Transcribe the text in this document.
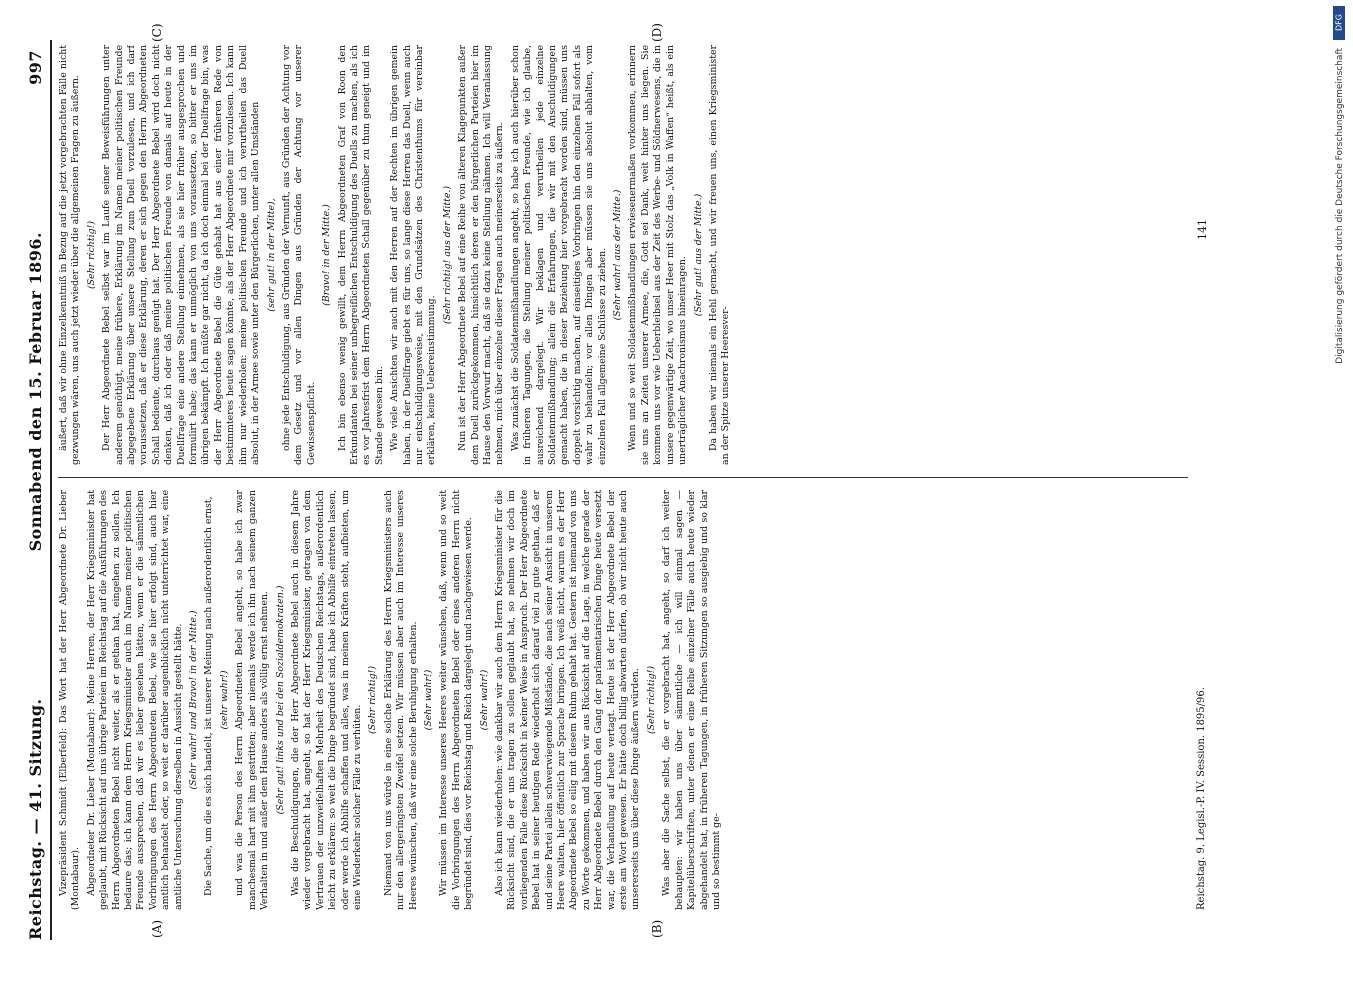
Reichstag. — 41. Sitzung.
Sonnabend den 15. Februar 1896.
997
(A)	(B)
(C)	(D)

Vizepräsident Schmidt (Elberfeld): Das Wort hat der Herr Abgeordnete Dr. Lieber (Montabaur). Abgeordneter Dr. Lieber (Montabaur): Meine Herren, der Herr Kriegsminister hat geglaubt, mit Rücksicht auf uns übrige Parteien im Reichstag auf die Ausführungen des Herrn Abgeordneten Bebel nicht weiter, als er gethan hat, eingehen zu sollen. Ich bedaure das; ich kann dem Herrn Kriegsminister auch im Namen meiner politischen Freunde aussprechen, daß wir es lieber gesehen hätten, wenn er die sämmtlichen Vorbringungen des Herrn Abgeordneten Bebel, wie sie hier erfolgt sind, auch hier amtlich behandelt oder, so weit er darüber augenblicklich nicht unterrichtet war, eine amtliche Untersuchung derselben in Aussicht gestellt hätte. (Sehr wahr! und Bravo! in der Mitte.) Die Sache, um die es sich handelt, ist unserer Meinung nach außerordentlich ernst, (sehr wahr!) und was die Person des Herrn Abgeordneten Bebel angeht, so habe ich zwar manchesmal hart mit ihm gestritten; aber niemals werde ich ihn nach seinem ganzen Verhalten in und außer dem Hause anders als völlig ernst nehmen. (Sehr gut! links und bei den Sozialdemokraten.) Was die Beschuldigungen, die der Herr Abgeordnete Bebel auch in diesem Jahre wieder vorgebracht hat, angeht, so hat der Herr Kriegsminister, getragen von dem Vertrauen der unzweifelhaften Mehrheit des Deutschen Reichstags, außerordentlich leicht zu erklären: so weit die Dinge begründet sind, habe ich Abhilfe eintreten lassen, oder werde ich Abhilfe schaffen und alles, was in meinen Kräften steht, aufbieten, um eine Wiederkehr solcher Fälle zu verhüten.

(Sehr richtig!) Niemand von uns würde in eine solche Erklärung des Herrn Kriegsministers auch nur den allergeringsten Zweifel setzen. Wir müssen aber auch im Interesse unseres Heeres wünschen, daß wir eine solche Beruhigung erhalten. (Sehr wahr!) Wir müssen im Interesse unseres Heeres weiter wünschen, daß, wenn und so weit die Vorbringungen des Herrn Abgeordneten Bebel oder eines anderen Herrn nicht begründet sind, dies vor Reichstag und Reich dargelegt und nachgewiesen werde. (Sehr wahr!) Also ich kann wiederholen: wie dankbar wir auch dem Herrn Kriegsminister für die Rücksicht sind, die er uns tragen zu sollen geglaubt hat, so nehmen wir doch im vorliegenden Falle diese Rücksicht in keiner Weise in Anspruch. Der Herr Abgeordnete Bebel hat in seiner heutigen Rede wiederholt sich darauf viel zu gute gethan, daß er und seine Partei allein schwerwiegende Mißstände, die nach seiner Ansicht in unserem Heere walten, hier öffentlich zur Sprache bringen. Ich weiß nicht, warum es der Herr Abgeordnete Bebel so eilig mit diesem Ruhm gehabt hat. Gestern ist niemand von uns zu Worte gekommen, und haben wir aus Rücksicht auf die Lage, in welche gerade der Herr Abgeordnete Bebel durch den Gang der parlamentarischen Dinge heute versetzt war, die Verhandlung auf heute vertagt. Heute ist der Herr Abgeordnete Bebel der erste am Wort gewesen. Er hätte doch billig abwarten dürfen, ob wir nicht heute auch unsererseits uns über diese Dinge äußern würden. (Sehr richtig!) Was aber die Sache selbst, die er vorgebracht hat, angeht, so darf ich weiter behaupten: wir haben uns über sämmtliche — ich will einmal sagen — Kapitelüberschriften, unter denen er eine Reihe einzelner Fälle auch heute wieder abgehandelt hat, in früheren Tagungen, in früheren Sitzungen so ausgiebig und so klar und so bestimmt ge-

äußert, daß wir ohne Einzelkenntniß in Bezug auf die jetzt vorgebrachten Fälle nicht gezwungen wären, uns auch jetzt wieder über die allgemeinen Fragen zu äußern. (Sehr richtig!) Der Herr Abgeordnete Bebel selbst war im Laufe seiner Beweisführungen unter anderem genöthigt, meine frühere, Erklärung im Namen meiner politischen Freunde abgegebene Erklärung über unsere Stellung zum Duell vorzulesen, und ich darf voraussetzen, daß er diese Erklärung, deren er sich gegen den Herrn Abgeordneten Schall bediente, durchaus genügt hat. Der Herr Abgeordnete Bebel wird doch nicht denken, daß ich oder daß meine politischen Freunde von damals auf heute in der Duellfrage eine andere Stellung einnehmen, als sie hier früher ausgesprochen und formulirt habe; das kann er unmöglich von uns voraussetzen, so bitter er uns im übrigen bekämpft. Ich müßte gar nicht, da ich doch einmal bei der Duellfrage bin, was der Herr Abgeordnete Bebel die Güte gehabt hat aus einer früheren Rede von bestimmteres heute sagen könnte, als der Herr Abgeordnete mir vorzulesen. Ich kann ihm nur wiederholen: meine politischen Freunde und ich verurtheilen das Duell absolut, in der Armee sowie unter den Bürgerlichen, unter allen Umständen (sehr gut! in der Mitte), ohne jede Entschuldigung, aus Gründen der Vernunft, aus Gründen der Achtung vor dem Gesetz und vor allen Dingen aus Gründen der Achtung vor unserer Gewissenspflicht.

(Bravo! in der Mitte.) Ich bin ebenso wenig gewillt, dem Herrn Abgeordneten Graf von Roon den Erkundanten bei seiner unbegreiflichen Entschuldigung des Duells zu machen, als ich es vor Jahresfrist dem Herrn Abgeordneten Schall gegenüber zu thun geneigt und im Stande gewesen bin. Wie viele Ansichten wir auch mit den Herren auf der Rechten im übrigen gemein haben, in der Duellfrage giebt es für uns, so lange diese Herren das Duell, wenn auch nur entschuldigungsweise, mit den Grundsätzen des Christenthums für vereinbar erklären, keine Uebereinstimmung.

(Sehr richtig! aus der Mitte.) Nun ist der Herr Abgeordnete Bebel auf eine Reihe von älteren Klagepunkten außer dem Duell zurückgekommen, hinsichtlich deren er den bürgerlichen Parteien hier im Hause den Vorwurf macht, daß sie dazu keine Stellung nähmen. Ich will Veranlassung nehmen, mich über einzelne dieser Fragen auch meinerseits zu äußern. Was zunächst die Soldatenmißhandlungen angeht, so habe ich auch hierüber schon in früheren Tagungen, die Stellung meiner politischen Freunde, wie ich glaube, ausreichend dargelegt. Wir beklagen und verurtheilen jede einzelne Soldatenmißhandlung; allein die Erfahrungen, die wir mit den Anschuldigungen gemacht haben, die in dieser Beziehung hier vorgebracht worden sind, müssen uns doppelt vorsichtig machen, auf einseitiges Vorbringen hin den einzelnen Fall sofort als wahr zu behandeln; vor allen Dingen aber müssen sie uns absolut abhalten, vom einzelnen Fall allgemeine Schlüsse zu ziehen. (Sehr wahr! aus der Mitte.) Wenn und so weit Soldatenmißhandlungen erwiesenermaßen vorkommen, erinnern sie uns an Zeiten unserer Armee, die, Gott sei Dank, weit hinter uns liegen. Sie kommen uns vor wie Ueberbleibsel aus der Zeit des Werbe- und Söldnerwesens, die in unsere gegenwärtige Zeit, wo unser Heer mit Stolz das „Volk in Waffen“ heißt, als ein unerträglicher Anachronismus hineinragen.

(Sehr gut! aus der Mitte.) Da haben wir niemals ein Hehl gemacht, und wir freuen uns, einen Kriegsminister an der Spitze unserer Heeresver-

Reichstag. 9. Legisl.-P. IV. Session. 1895/96.
141
DFG
Digitalisierung gefördert durch die Deutsche Forschungsgemeinschaft
